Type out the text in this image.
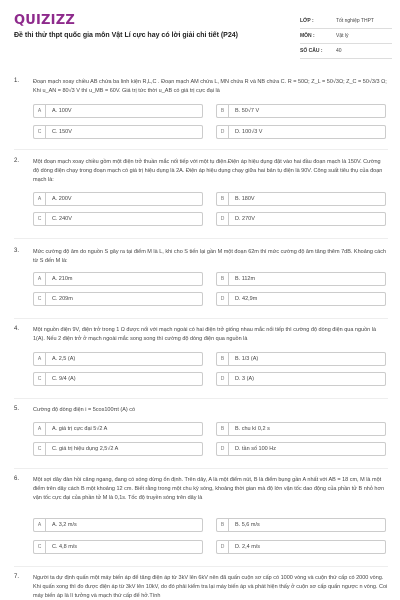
QUIZIZZ
Đề thi thử thpt quốc gia môn Vật Lí cực hay có lời giải chi tiết (P24)
LỚP :	Tốt nghiệp THPT
MÔN :	Vật lý
SỐ CÂU :	40
1.	Đoạn mạch xoay chiều AB chứa ba linh kiện R,L,C . Đoạn mạch AM chứa L, MN chứa R và NB chứa C. R = 50Ω; Z_L = 50√3Ω; Z_C = 50√3/3 Ω; Khi u_AN = 80√3 V thì u_MB = 60V. Giá trị tức thời u_AB có giá trị cực đại là
A	A. 100V	B	B. 50√7 V
C	C. 150V	D	D. 100√3 V
2.	Một đoạn mạch xoay chiều gồm một điện trở thuần mắc nối tiếp với một tụ điện.Điện áp hiệu dụng đặt vào hai đầu đoạn mạch là 150V. Cường độ dòng điện chạy trong đoạn mạch có giá trị hiệu dụng là 2A. Điện áp hiệu dụng chạy giữa hai bản tụ điện là 90V. Công suất tiêu thụ của đoạn mạch là:
A	A. 200V	B	B. 180V
C	C. 240V	D	D. 270V
3.	Mức cường độ âm do nguồn S gây ra tại điểm M là L, khi cho S tiến lại gần M một đoạn 62m thì mức cường độ âm tăng thêm 7dB. Khoảng cách từ S đến M là:
A	A. 210m	B	B. 112m
C	C. 209m	D	D. 42,9m
4.	Một nguồn điện 9V, điện trở trong 1 Ω được nối với mạch ngoài có hai điện trở giống nhau mắc nối tiếp thì cường độ dòng điện qua nguồn là 1(A). Nếu 2 điện trở ở mạch ngoài mắc song song thì cường độ dòng điện qua nguồn là
A	A. 2,5 (A)	B	B. 1/3 (A)
C	C. 9/4 (A)	D	D. 3 (A)
5.	Cường độ dòng điện i = 5cos100πt (A) có
A	A. giá trị cực đại 5√2 A	B	B. chu kì 0,2 s
C	C. giá trị hiệu dụng 2,5√2 A	D	D. tần số 100 Hz
6.	Một sợi dây đàn hồi căng ngang, đang có sóng dừng ổn định. Trên dây, A là một điểm nút, B là điểm bụng gần A nhất với AB = 18 cm, M là một điểm trên dây cách B một khoảng 12 cm. Biết rằng trong một chu kỳ sóng, khoảng thời gian mà độ lớn vận tốc dao động của phần tử B nhỏ hơn vận tốc cực đại của phần tử M là 0,1s. Tốc độ truyền sóng trên dây là
A	A. 3,2 m/s	B	B. 5,6 m/s
C	C. 4,8 m/s	D	D. 2,4 m/s
7.	Người ta dự định quấn một máy biến áp để tăng điện áp từ 3kV lên 6kV nên đã quấn cuộn sơ cấp có 1000 vòng và cuộn thứ cấp có 2000 vòng. Khi quấn xong thì đo được điện áp từ 3kV lên 10kV, do đó phải kiểm tra lại máy biến áp và phát hiện thấy ở cuộn sơ cấp quấn ngược n vòng. Coi máy biến áp là lí tưởng và mạch thứ cấp để hở.Tính
